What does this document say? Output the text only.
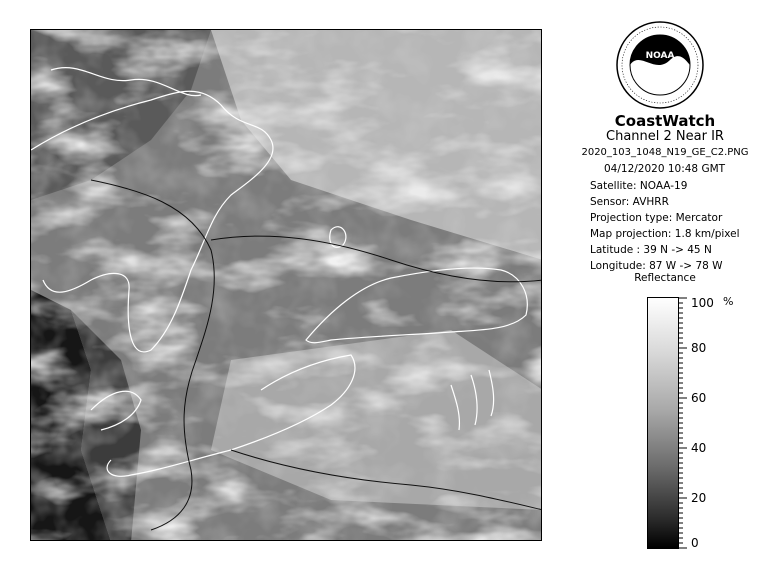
NOAA
CoastWatch
Channel 2 Near IR
2020_103_1048_N19_GE_C2.PNG
04/12/2020 10:48 GMT
Satellite: NOAA-19
Sensor: AVHRR
Projection type: Mercator
Map projection: 1.8 km/pixel
Latitude : 39 N -> 45 N
Longitude: 87 W -> 78 W
Reflectance
100
80
60
40
20
0
%
